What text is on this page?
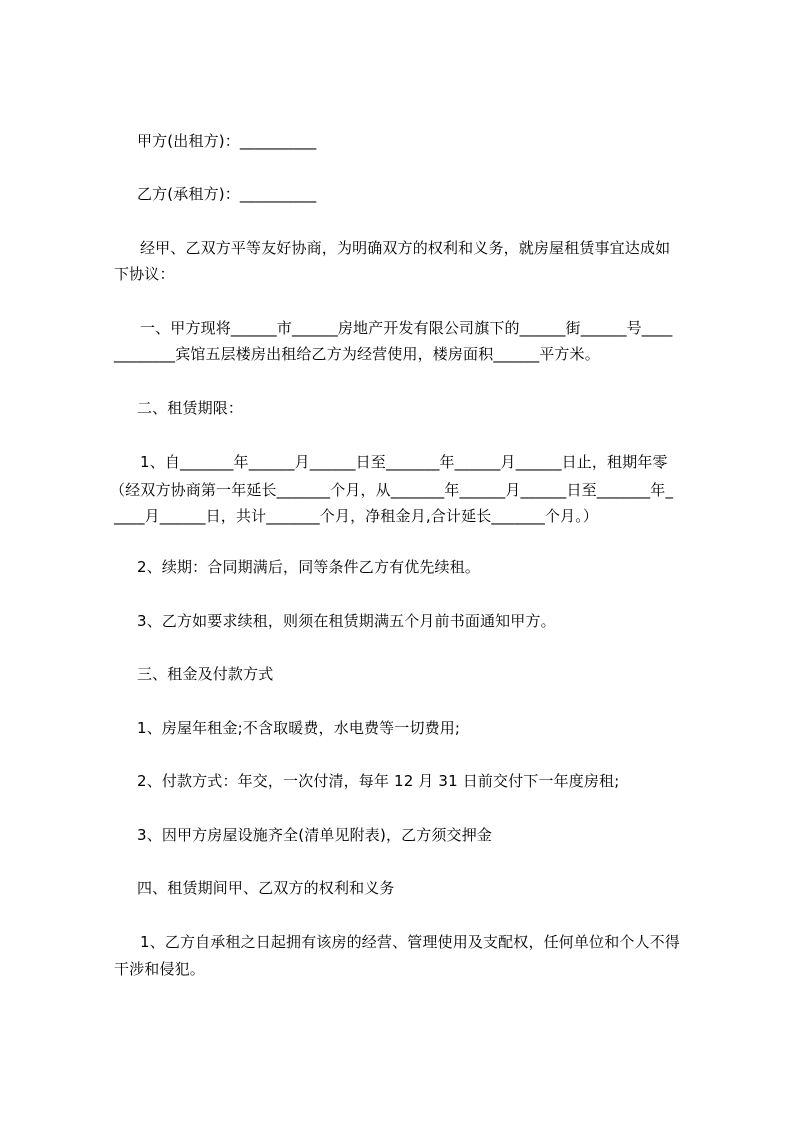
甲方(出租方)：__________
乙方(承租方)：__________
经甲、乙双方平等友好协商，为明确双方的权利和义务，就房屋租赁事宜达成如
下协议：
一、甲方现将______市______房地产开发有限公司旗下的______街______号____
________宾馆五层楼房出租给乙方为经营使用，楼房面积______平方米。
二、租赁期限：
1、自_______年______月______日至_______年______月______日止，租期年零
（经双方协商第一年延长_______个月，从_______年______月______日至_______年_
____月______日，共计_______个月，净租金月,合计延长_______个月。）
2、续期：合同期满后，同等条件乙方有优先续租。
3、乙方如要求续租，则须在租赁期满五个月前书面通知甲方。
三、租金及付款方式
1、房屋年租金;不含取暖费，水电费等一切费用;
2、付款方式：年交，一次付清，每年 12 月 31 日前交付下一年度房租;
3、因甲方房屋设施齐全(清单见附表)，乙方须交押金
四、租赁期间甲、乙双方的权利和义务
1、乙方自承租之日起拥有该房的经营、管理使用及支配权，任何单位和个人不得
干涉和侵犯。
